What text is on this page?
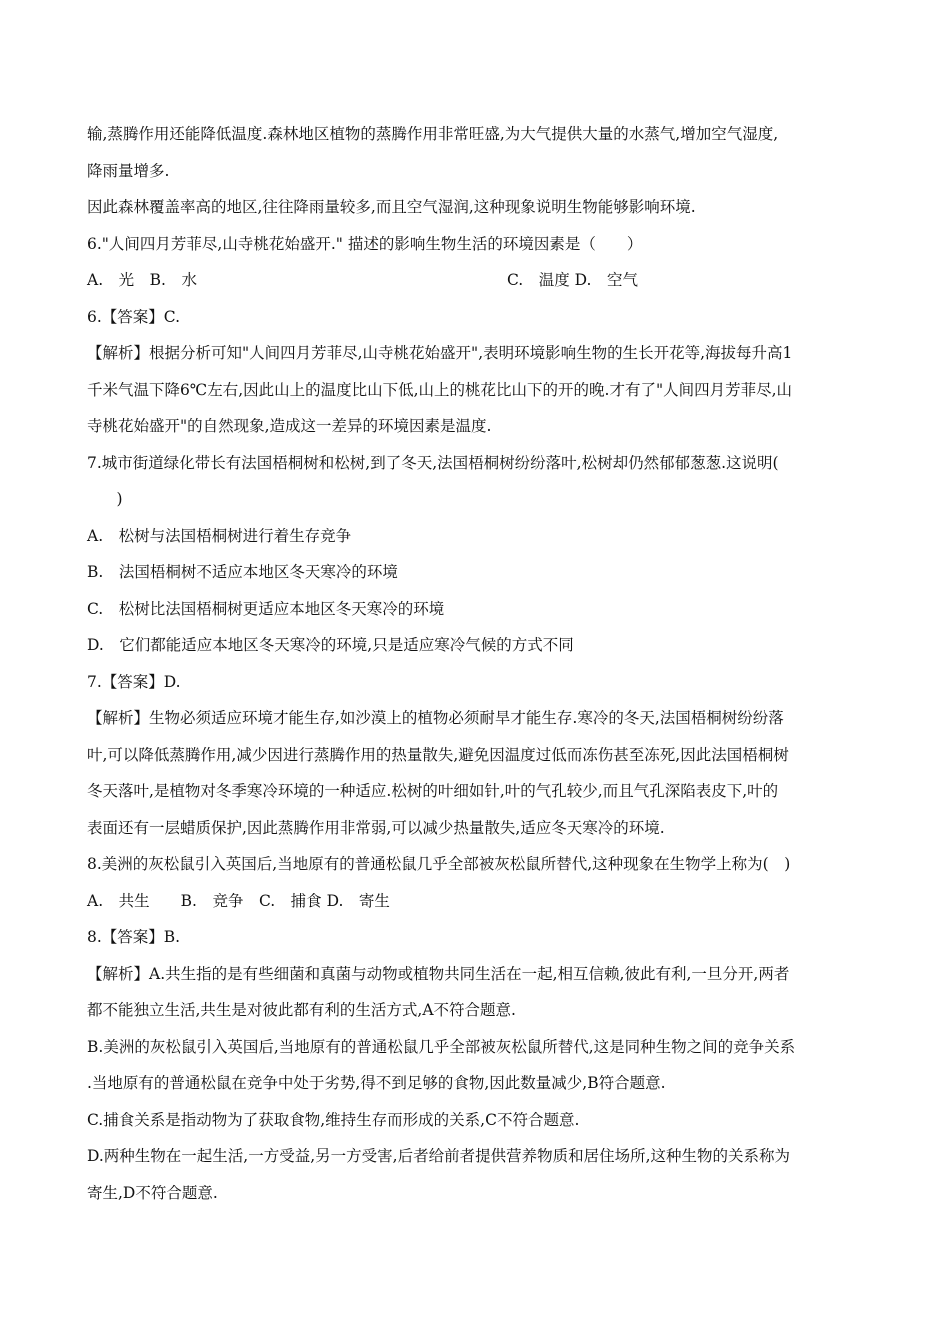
输,蒸腾作用还能降低温度.森林地区植物的蒸腾作用非常旺盛,为大气提供大量的水蒸气,增加空气湿度,
降雨量增多.
因此森林覆盖率高的地区,往往降雨量较多,而且空气湿润,这种现象说明生物能够影响环境.
6."人间四月芳菲尽,山寺桃花始盛开." 描述的影响生物生活的环境因素是（　　）
A.　光　B.　水	C.　温度 D.　空气
6.【答案】C.
【解析】根据分析可知"人间四月芳菲尽,山寺桃花始盛开",表明环境影响生物的生长开花等,海拔每升高1
千米气温下降6℃左右,因此山上的温度比山下低,山上的桃花比山下的开的晚.才有了"人间四月芳菲尽,山
寺桃花始盛开"的自然现象,造成这一差异的环境因素是温度.
7.城市街道绿化带长有法国梧桐树和松树,到了冬天,法国梧桐树纷纷落叶,松树却仍然郁郁葱葱.这说明(
　)
A.　松树与法国梧桐树进行着生存竞争
B.　法国梧桐树不适应本地区冬天寒冷的环境
C.　松树比法国梧桐树更适应本地区冬天寒冷的环境
D.　它们都能适应本地区冬天寒冷的环境,只是适应寒冷气候的方式不同
7.【答案】D.
【解析】生物必须适应环境才能生存,如沙漠上的植物必须耐旱才能生存.寒冷的冬天,法国梧桐树纷纷落
叶,可以降低蒸腾作用,减少因进行蒸腾作用的热量散失,避免因温度过低而冻伤甚至冻死,因此法国梧桐树
冬天落叶,是植物对冬季寒冷环境的一种适应.松树的叶细如针,叶的气孔较少,而且气孔深陷表皮下,叶的
表面还有一层蜡质保护,因此蒸腾作用非常弱,可以减少热量散失,适应冬天寒冷的环境.
8.美洲的灰松鼠引入英国后,当地原有的普通松鼠几乎全部被灰松鼠所替代,这种现象在生物学上称为(　)
A.　共生　　B.　竞争　C.　捕食 D.　寄生
8.【答案】B.
【解析】A.共生指的是有些细菌和真菌与动物或植物共同生活在一起,相互信赖,彼此有利,一旦分开,两者
都不能独立生活,共生是对彼此都有利的生活方式,A不符合题意.
B.美洲的灰松鼠引入英国后,当地原有的普通松鼠几乎全部被灰松鼠所替代,这是同种生物之间的竞争关系
.当地原有的普通松鼠在竞争中处于劣势,得不到足够的食物,因此数量减少,B符合题意.
C.捕食关系是指动物为了获取食物,维持生存而形成的关系,C不符合题意.
D.两种生物在一起生活,一方受益,另一方受害,后者给前者提供营养物质和居住场所,这种生物的关系称为
寄生,D不符合题意.
